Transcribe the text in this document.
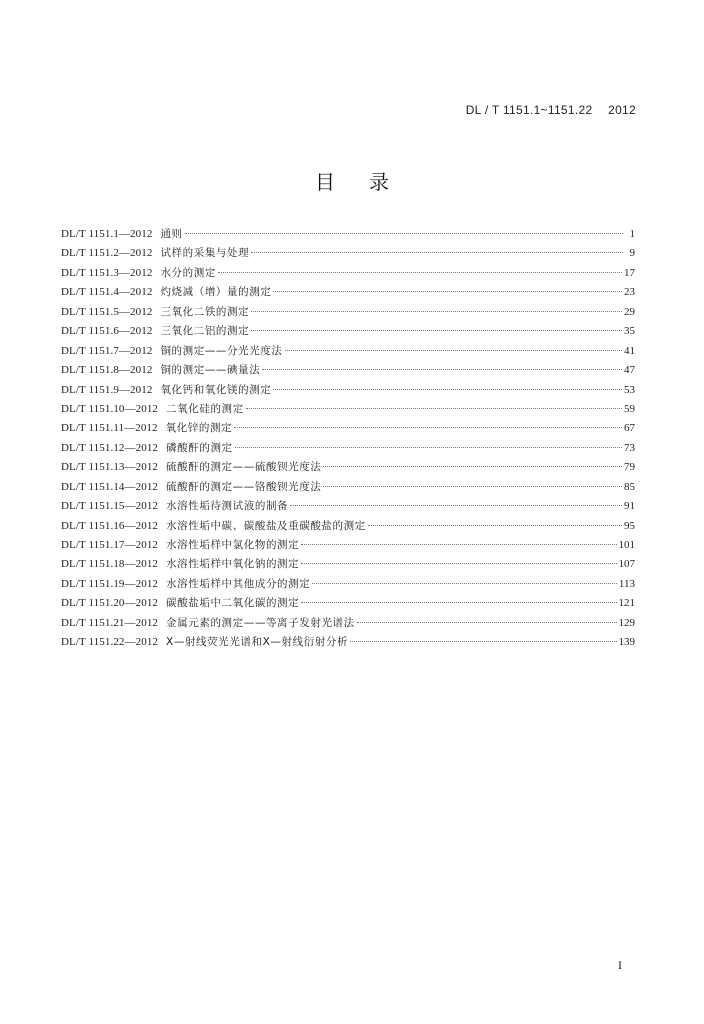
DL / T 1151.1~1151.22 2012
目录
DL/T 1151.1—2012 通则	1
DL/T 1151.2—2012 试样的采集与处理	9
DL/T 1151.3—2012 水分的测定	17
DL/T 1151.4—2012 灼烧减（增）量的测定	23
DL/T 1151.5—2012 三氧化二铁的测定	29
DL/T 1151.6—2012 三氧化二铝的测定	35
DL/T 1151.7—2012 铜的测定——分光光度法	41
DL/T 1151.8—2012 铜的测定——碘量法	47
DL/T 1151.9—2012 氧化钙和氧化镁的测定	53
DL/T 1151.10—2012 二氧化硅的测定	59
DL/T 1151.11—2012 氧化锌的测定	67
DL/T 1151.12—2012 磷酸酐的测定	73
DL/T 1151.13—2012 硫酸酐的测定——硫酸钡光度法	79
DL/T 1151.14—2012 硫酸酐的测定——铬酸钡光度法	85
DL/T 1151.15—2012 水溶性垢待测试液的制备	91
DL/T 1151.16—2012 水溶性垢中碳、碳酸盐及重碳酸盐的测定	95
DL/T 1151.17—2012 水溶性垢样中氯化物的测定	101
DL/T 1151.18—2012 水溶性垢样中氧化钠的测定	107
DL/T 1151.19—2012 水溶性垢样中其他成分的测定	113
DL/T 1151.20—2012 碳酸盐垢中二氧化碳的测定	121
DL/T 1151.21—2012 金属元素的测定——等离子发射光谱法	129
DL/T 1151.22—2012 X—射线荧光光谱和X—射线衍射分析	139
I
